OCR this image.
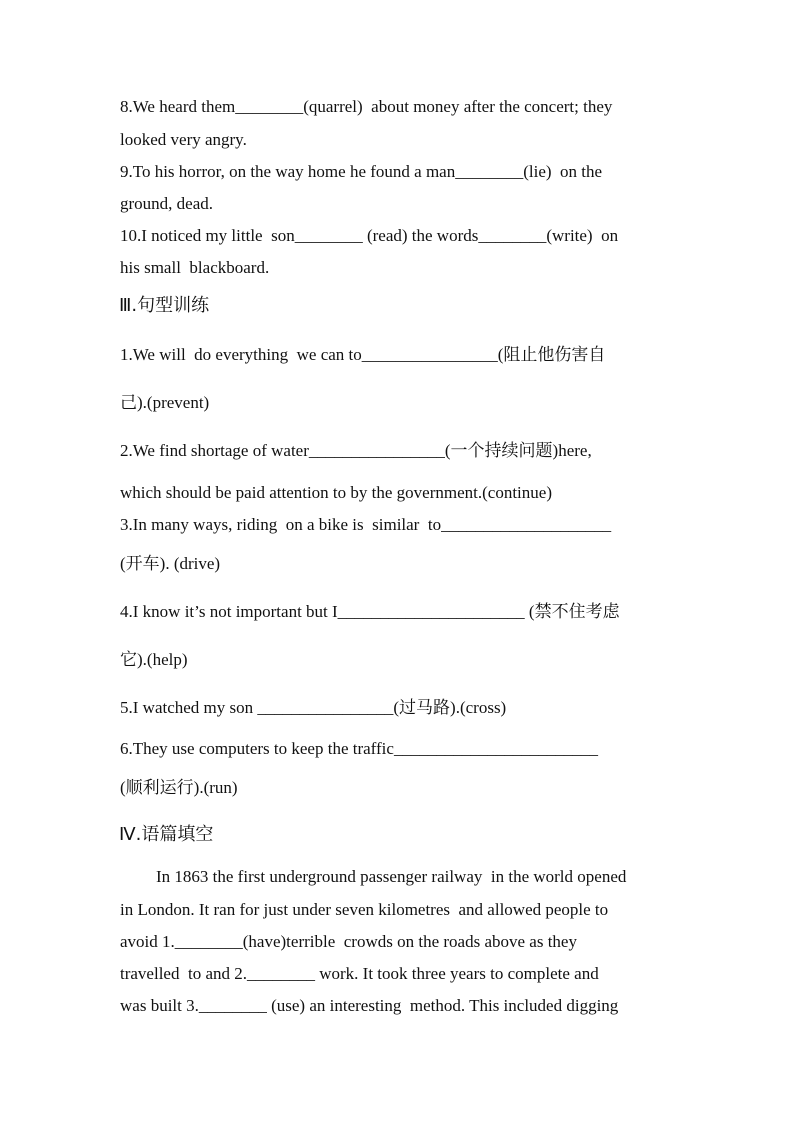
8.We heard them________(quarrel)  about money after the concert; they
looked very angry.
9.To his horror, on the way home he found a man________(lie)  on the
ground, dead.
10.I noticed my little  son________ (read) the words________(write)  on
his small  blackboard.
Ⅲ.句型训练
1.We will  do everything  we can to________________(阻止他伤害自
己).(prevent)
2.We find shortage of water________________(一个持续问题)here,
which should be paid attention to by the government.(continue)
3.In many ways, riding  on a bike is  similar  to____________________
(开车). (drive)
4.I know it’s not important but I______________________ (禁不住考虑
它).(help)
5.I watched my son ________________(过马路).(cross)
6.They use computers to keep the traffic________________________
(顺利运行).(run)
Ⅳ.语篇填空
In 1863 the first underground passenger railway  in the world opened
in London. It ran for just under seven kilometres  and allowed people to
avoid 1.________(have)terrible  crowds on the roads above as they
travelled  to and 2.________ work. It took three years to complete and
was built 3.________ (use) an interesting  method. This included digging
